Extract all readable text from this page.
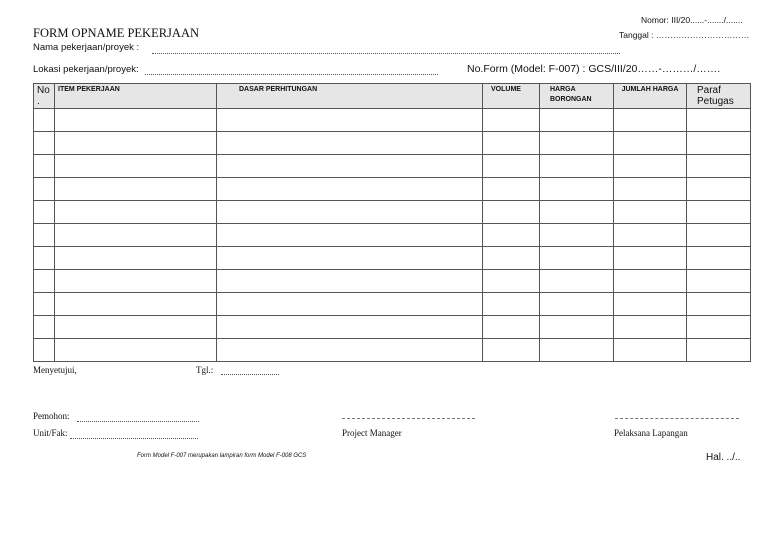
FORM OPNAME PEKERJAAN
Nomor: III/20......-......./.......
Tanggal : ……………………………
Nama pekerjaan/proyek :
Lokasi pekerjaan/proyek:	No.Form (Model: F-007) : GCS/III/20……-………/…….
No .	ITEM PEKERJAAN	DASAR PERHITUNGAN	VOLUME	HARGA BORONGAN	JUMLAH HARGA	Paraf Petugas

Menyetujui,	Tgl.:
Pemohon:
Unit/Fak:	Project Manager	Pelaksana Lapangan
Form Model F-007 merupakan lampiran form Model F-008 GCS	Hal. ../..
